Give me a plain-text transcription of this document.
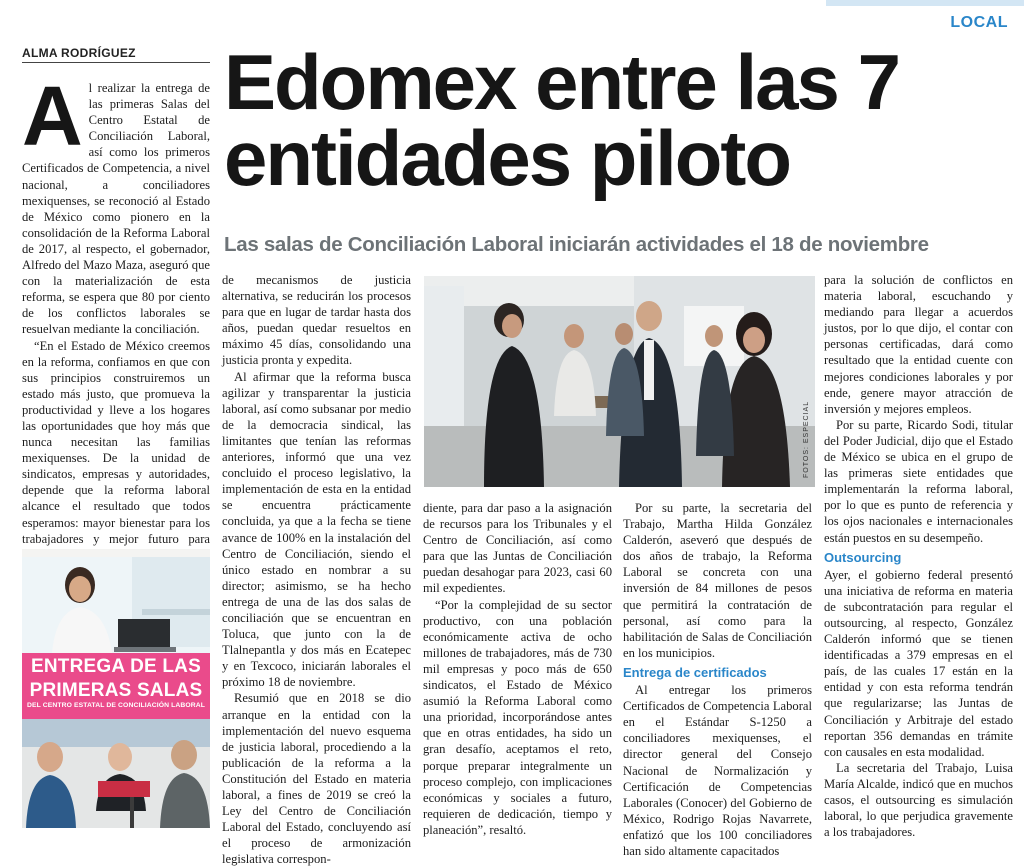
LOCAL
ALMA RODRÍGUEZ Edomex entre las 7 entidades piloto
Las salas de Conciliación Laboral iniciarán actividades el 18 de noviembre

Al realizar la entrega de las primeras Salas del Centro Estatal de Conciliación Laboral, así como los primeros Certificados de Competencia, a nivel nacional, a conciliadores mexiquenses, se reconoció al Estado de México como pionero en la consolidación de la Reforma Laboral de 2017, al respecto, el gobernador, Alfredo del Mazo Maza, aseguró que con la materialización de esta reforma, se espera que 80 por ciento de los conflictos laborales se resuelvan mediante la conciliación.

“En el Estado de México creemos en la reforma, confiamos en que con sus principios construiremos un estado más justo, que promueva la productividad y lleve a los hogares las oportunidades que hoy más que nunca necesitan las familias mexiquenses. De la unidad de sindicatos, empresas y autoridades, depende que la reforma laboral alcance el resultado que todos esperamos: mayor bienestar para los trabajadores y mejor futuro para

ENTREGA DE LAS
PRIMERAS SALAS
DEL CENTRO ESTATAL DE CONCILIACIÓN LABORAL

de mecanismos de justicia alternativa, se reducirán los procesos para que en lugar de tardar hasta dos años, puedan quedar resueltos en máximo 45 días, consolidando una justicia pronta y expedita.

Al afirmar que la reforma busca agilizar y transparentar la justicia laboral, así como subsanar por medio de la democracia sindical, las limitantes que tenían las reformas anteriores, informó que una vez concluido el proceso legislativo, la implementación de esta en la entidad se encuentra prácticamente concluida, ya que a la fecha se tiene avance de 100% en la instalación del Centro de Conciliación, siendo el único estado en nombrar a su director; asimismo, se ha hecho entrega de una de las dos salas de conciliación que se encuentran en Toluca, que junto con la de Tlalnepantla y dos más en Ecatepec y en Texcoco, iniciarán laborales el próximo 18 de noviembre.

Resumió que en 2018 se dio arranque en la entidad con la implementación del nuevo esquema de justicia laboral, procediendo a la publicación de la reforma a la Constitución del Estado en materia laboral, a fines de 2019 se creó la Ley del Centro de Conciliación Laboral del Estado, concluyendo así el proceso de armonización legislativa correspon-

FOTOS: ESPECIAL

diente, para dar paso a la asignación de recursos para los Tribunales y el Centro de Conciliación, así como para que las Juntas de Conciliación puedan desahogar para 2023, casi 60 mil expedientes.

“Por la complejidad de su sector productivo, con una población económicamente activa de ocho millones de trabajadores, más de 730 mil empresas y poco más de 650 sindicatos, el Estado de México asumió la Reforma Laboral como una prioridad, incorporándose antes que en otras entidades, ha sido un gran desafío, aceptamos el reto, porque preparar integralmente un proceso complejo, con implicaciones económicas y sociales a futuro, requieren de dedicación, tiempo y planeación”, resaltó.

Por su parte, la secretaria del Trabajo, Martha Hilda González Calderón, aseveró que después de dos años de trabajo, la Reforma Laboral se concreta con una inversión de 84 millones de pesos que permitirá la contratación de personal, así como para la habilitación de Salas de Conciliación en los municipios.

Entrega de certificados

Al entregar los primeros Certificados de Competencia Laboral en el Estándar S-1250 a conciliadores mexiquenses, el director general del Consejo Nacional de Normalización y Certificación de Competencias Laborales (Conocer) del Gobierno de México, Rodrigo Rojas Navarrete, enfatizó que los 100 conciliadores han sido altamente capacitados

para la solución de conflictos en materia laboral, escuchando y mediando para llegar a acuerdos justos, por lo que dijo, el contar con personas certificadas, dará como resultado que la entidad cuente con mejores condiciones laborales y por ende, genere mayor atracción de inversión y mejores empleos.

Por su parte, Ricardo Sodi, titular del Poder Judicial, dijo que el Estado de México se ubica en el grupo de las primeras siete entidades que implementarán la reforma laboral, por lo que es punto de referencia y los ojos nacionales e internacionales están puestos en su desempeño.

Outsourcing

Ayer, el gobierno federal presentó una iniciativa de reforma en materia de subcontratación para regular el outsourcing, al respecto, González Calderón informó que se tienen identificadas a 379 empresas en el país, de las cuales 17 están en la entidad y con esta reforma tendrán que regularizarse; las Juntas de Conciliación y Arbitraje del estado reportan 356 demandas en trámite con causales en esta modalidad.

La secretaria del Trabajo, Luisa María Alcalde, indicó que en muchos casos, el outsourcing es simulación laboral, lo que perjudica gravemente a los trabajadores.
